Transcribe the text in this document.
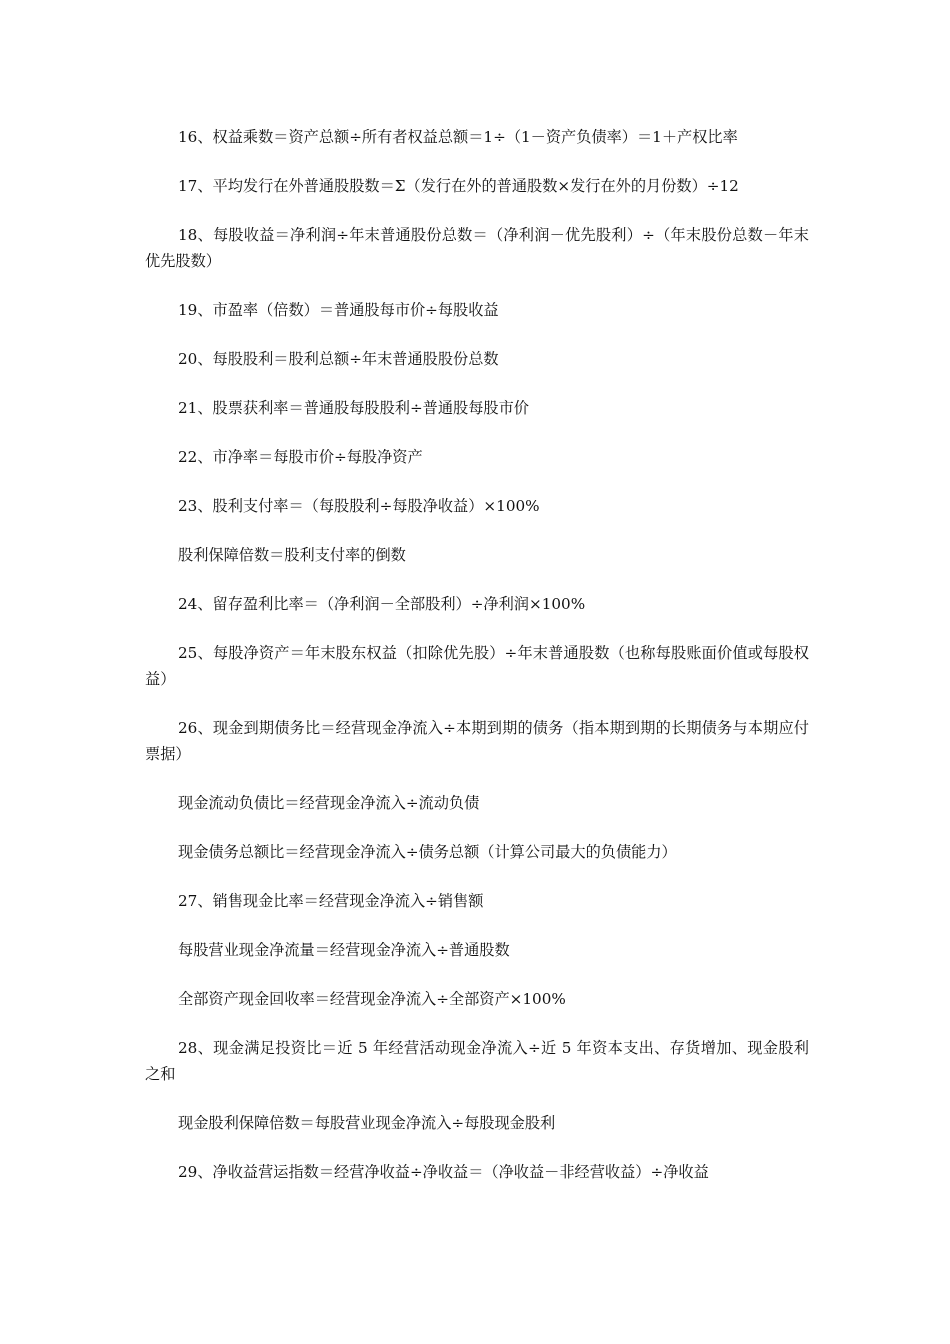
16、权益乘数＝资产总额÷所有者权益总额＝1÷（1－资产负债率）＝1＋产权比率

17、平均发行在外普通股股数＝Σ（发行在外的普通股数×发行在外的月份数）÷12

18、每股收益＝净利润÷年末普通股份总数＝（净利润－优先股利）÷（年末股份总数－年末优先股数）

19、市盈率（倍数）＝普通股每市价÷每股收益

20、每股股利＝股利总额÷年末普通股股份总数

21、股票获利率＝普通股每股股利÷普通股每股市价

22、市净率＝每股市价÷每股净资产

23、股利支付率＝（每股股利÷每股净收益）×100%

股利保障倍数＝股利支付率的倒数

24、留存盈利比率＝（净利润－全部股利）÷净利润×100%

25、每股净资产＝年末股东权益（扣除优先股）÷年末普通股数（也称每股账面价值或每股权益）

26、现金到期债务比＝经营现金净流入÷本期到期的债务（指本期到期的长期债务与本期应付票据）

现金流动负债比＝经营现金净流入÷流动负债

现金债务总额比＝经营现金净流入÷债务总额（计算公司最大的负债能力）

27、销售现金比率＝经营现金净流入÷销售额

每股营业现金净流量＝经营现金净流入÷普通股数

全部资产现金回收率＝经营现金净流入÷全部资产×100%

28、现金满足投资比＝近 5 年经营活动现金净流入÷近 5 年资本支出、存货增加、现金股利之和

现金股利保障倍数＝每股营业现金净流入÷每股现金股利

29、净收益营运指数＝经营净收益÷净收益＝（净收益－非经营收益）÷净收益
